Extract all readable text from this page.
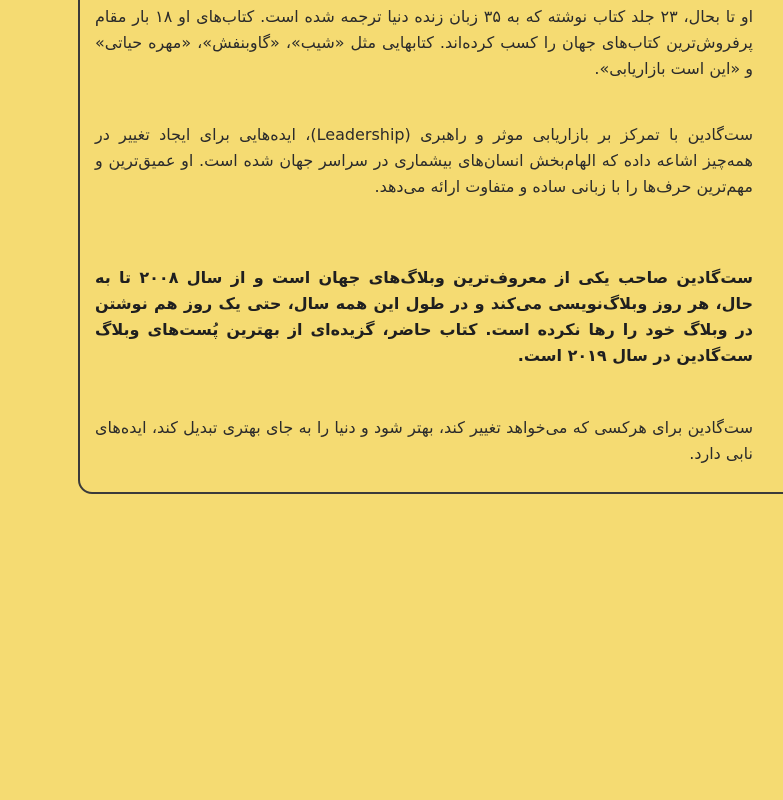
او تا بحال، ۲۳ جلد کتاب نوشته که به ۳۵ زبان زنده دنیا ترجمه شده است. کتاب‌های او ۱۸ بار مقام پرفروش‌ترین کتاب‌های جهان را کسب کرده‌اند. کتابهایی مثل «شیب»، «گاوبنفش»، «مهره حیاتی» و «این است بازاریابی».

ست‌گادین با تمرکز بر بازاریابی موثر و راهبری (Leadership)، ایده‌هایی برای ایجاد تغییر در همه‌چیز اشاعه داده که الهام‌بخش انسان‌های بیشماری در سراسر جهان شده است. او عمیق‌ترین و مهم‌ترین حرف‌ها را با زبانی ساده و متفاوت ارائه می‌دهد.

ست‌گادین صاحب یکی از معروف‌ترین وبلاگ‌های جهان است و از سال ۲۰۰۸ تا به حال، هر روز وبلاگ‌نویسی می‌کند و در طول این همه سال، حتی یک روز هم نوشتن در وبلاگ خود را رها نکرده است. کتاب حاضر، گزیده‌ای از بهترین پُست‌های وبلاگ ست‌گادین در سال ۲۰۱۹ است.

ست‌گادین برای هرکسی که می‌خواهد تغییر کند، بهتر شود و دنیا را به جای بهتری تبدیل کند، ایده‌های نابی دارد.
